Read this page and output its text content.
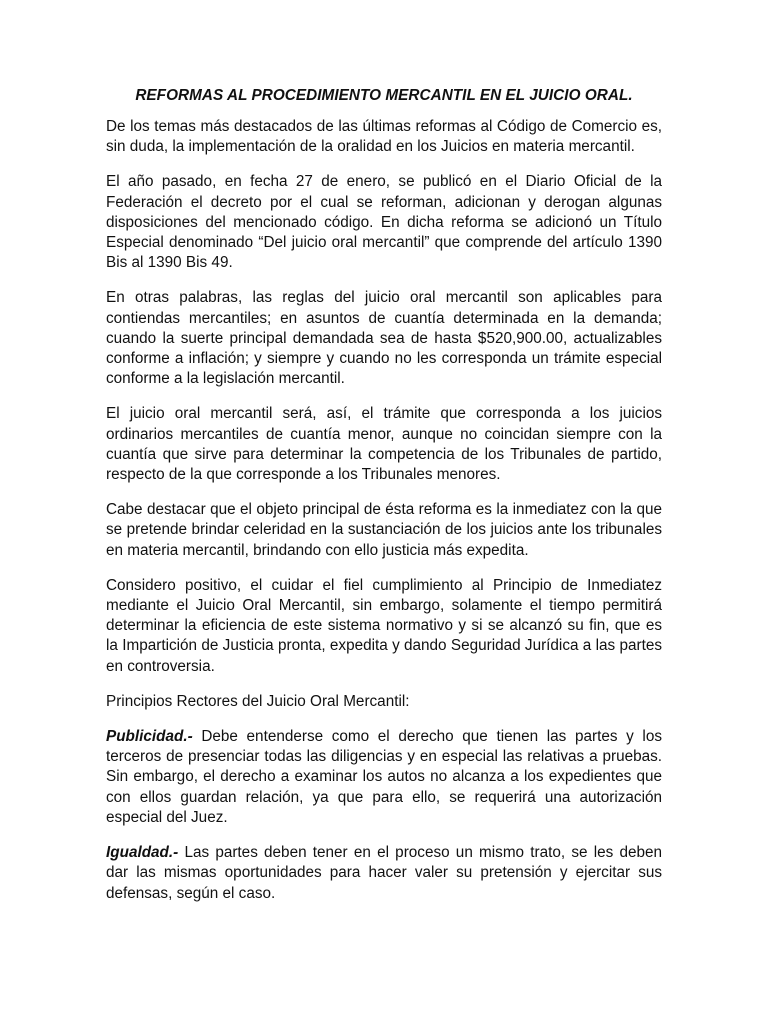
REFORMAS AL PROCEDIMIENTO MERCANTIL EN EL JUICIO ORAL.

De los temas más destacados de las últimas reformas al Código de Comercio es, sin duda, la implementación de la oralidad en los Juicios en materia mercantil.

El año pasado, en fecha 27 de enero, se publicó en el Diario Oficial de la Federación el decreto por el cual se reforman, adicionan y derogan algunas disposiciones del mencionado código. En dicha reforma se adicionó un Título Especial denominado “Del juicio oral mercantil” que comprende del artículo 1390 Bis al 1390 Bis 49.

En otras palabras, las reglas del juicio oral mercantil son aplicables para contiendas mercantiles; en asuntos de cuantía determinada en la demanda; cuando la suerte principal demandada sea de hasta $520,900.00, actualizables conforme a inflación; y siempre y cuando no les corresponda un trámite especial conforme a la legislación mercantil.

El juicio oral mercantil será, así, el trámite que corresponda a los juicios ordinarios mercantiles de cuantía menor, aunque no coincidan siempre con la cuantía que sirve para determinar la competencia de los Tribunales de partido, respecto de la que corresponde a los Tribunales menores.

Cabe destacar que el objeto principal de ésta reforma es la inmediatez con la que se pretende brindar celeridad en la sustanciación de los juicios ante los tribunales en materia mercantil, brindando con ello justicia más expedita.

Considero positivo, el cuidar el fiel cumplimiento al Principio de Inmediatez mediante el Juicio Oral Mercantil, sin embargo, solamente el tiempo permitirá determinar la eficiencia de este sistema normativo y si se alcanzó su fin, que es la Impartición de Justicia pronta, expedita y dando Seguridad Jurídica a las partes en controversia.

Principios Rectores del Juicio Oral Mercantil:

Publicidad.- Debe entenderse como el derecho que tienen las partes y los terceros de presenciar todas las diligencias y en especial las relativas a pruebas. Sin embargo, el derecho a examinar los autos no alcanza a los expedientes que con ellos guardan relación, ya que para ello, se requerirá una autorización especial del Juez.

Igualdad.- Las partes deben tener en el proceso un mismo trato, se les deben dar las mismas oportunidades para hacer valer su pretensión y ejercitar sus defensas, según el caso.
